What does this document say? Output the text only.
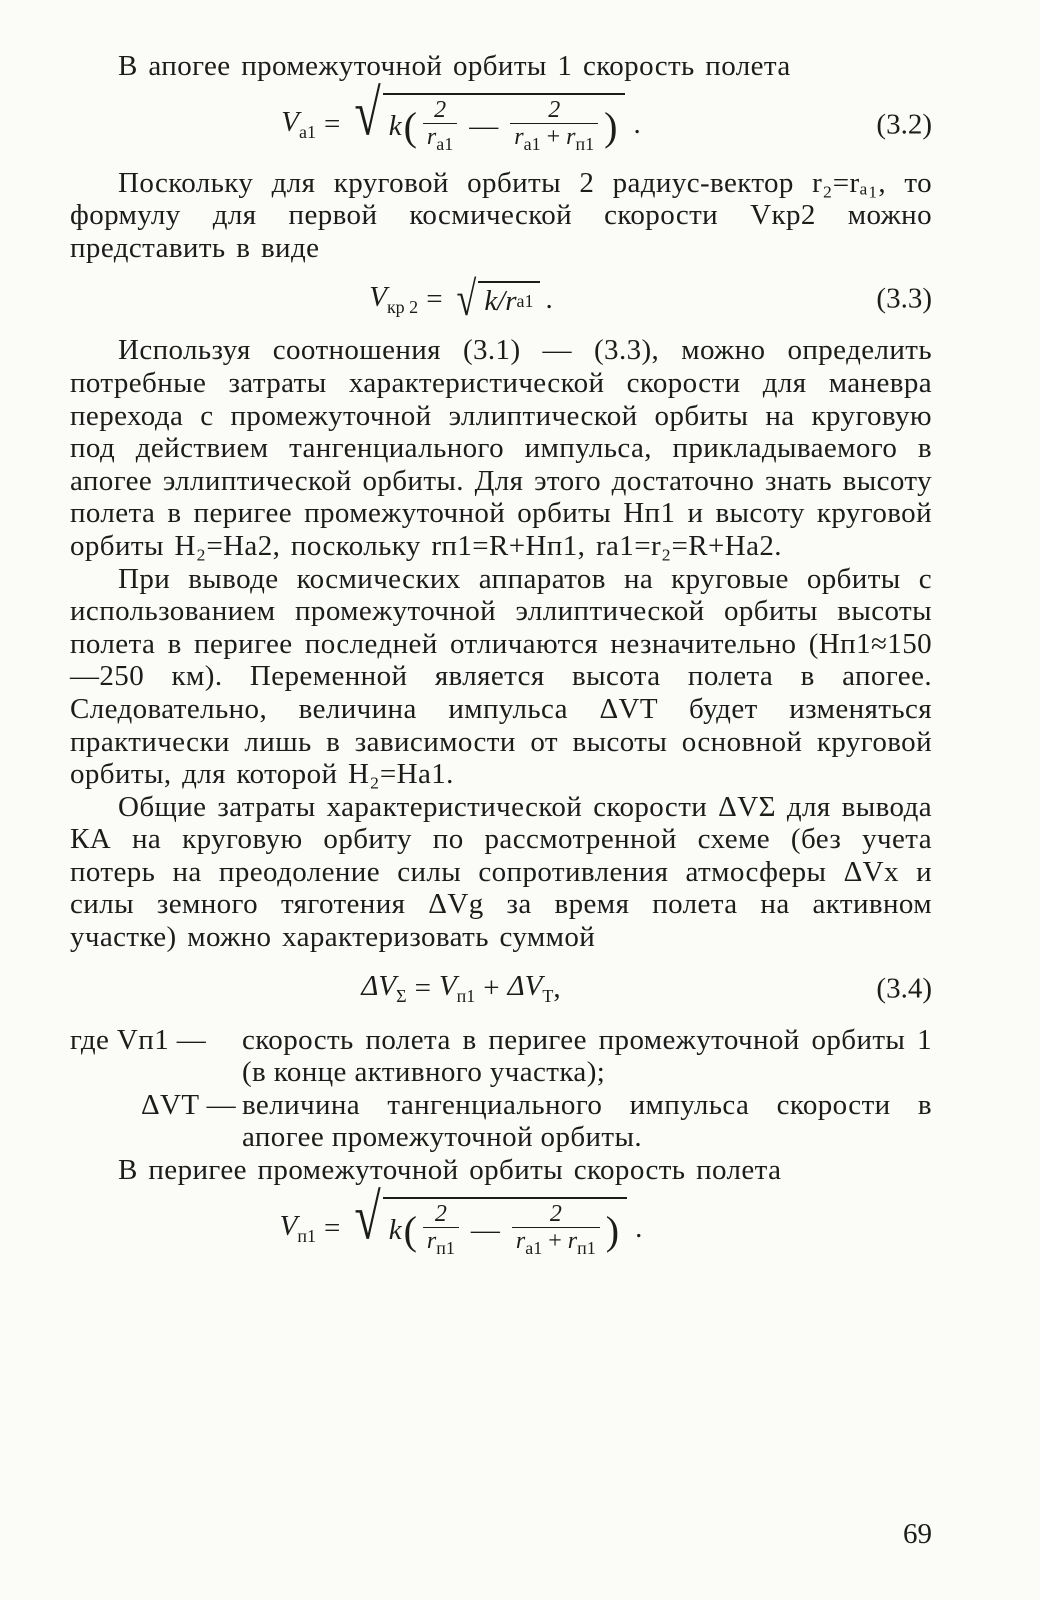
В апогее промежуточной орбиты 1 скорость полета

$V_{а1}$ = √ k ( $\frac{2}{r_{а1}}$ — $\frac{2}{r_{а1} + r_{п1}}$ ) .	(3.2)

Поскольку для круговой орбиты 2 радиус-вектор r₂=rₐ₁, то формулу для первой космической скорости Vкр2 можно представить в виде

$V_{кр 2}$ = √ k/r а1 .	(3.3)

Используя соотношения (3.1) — (3.3), можно определить потребные затраты характеристической скорости для маневра перехода с промежуточной эллиптической орбиты на круговую под действием тангенциального импульса, прикладываемого в апогее эллиптической орбиты. Для этого достаточно знать высоту полета в перигее промежуточной орбиты Hп1 и высоту круговой орбиты H₂=Hа2, поскольку rп1=R+Hп1, rа1=r₂=R+Hа2.

При выводе космических аппаратов на круговые орбиты с использованием промежуточной эллиптической орбиты высоты полета в перигее последней отличаются незначительно (Hп1≈150—250 км). Переменной является высота полета в апогее. Следовательно, величина импульса ΔVT будет изменяться практически лишь в зависимости от высоты основной круговой орбиты, для которой H₂=Hа1.

Общие затраты характеристической скорости ΔVΣ для вывода КА на круговую орбиту по рассмотренной схеме (без учета потерь на преодоление силы сопротивления атмосферы ΔVx и силы земного тяготения ΔVg за время полета на активном участке) можно характеризовать суммой

$\Delta V_\Sigma = V_{п1} + \Delta V_T$ ,	(3.4)
где Vп1 —	скорость полета в перигее промежуточной орбиты 1 (в конце активного участка);
ΔVT — величина тангенциального импульса скорости в апогее промежуточной орбиты.

В перигее промежуточной орбиты скорость полета

$V_{п1}$ = √ k ( $\frac{2}{r_{п1}}$ — $\frac{2}{r_{а1} + r_{п1}}$ ) .
69
